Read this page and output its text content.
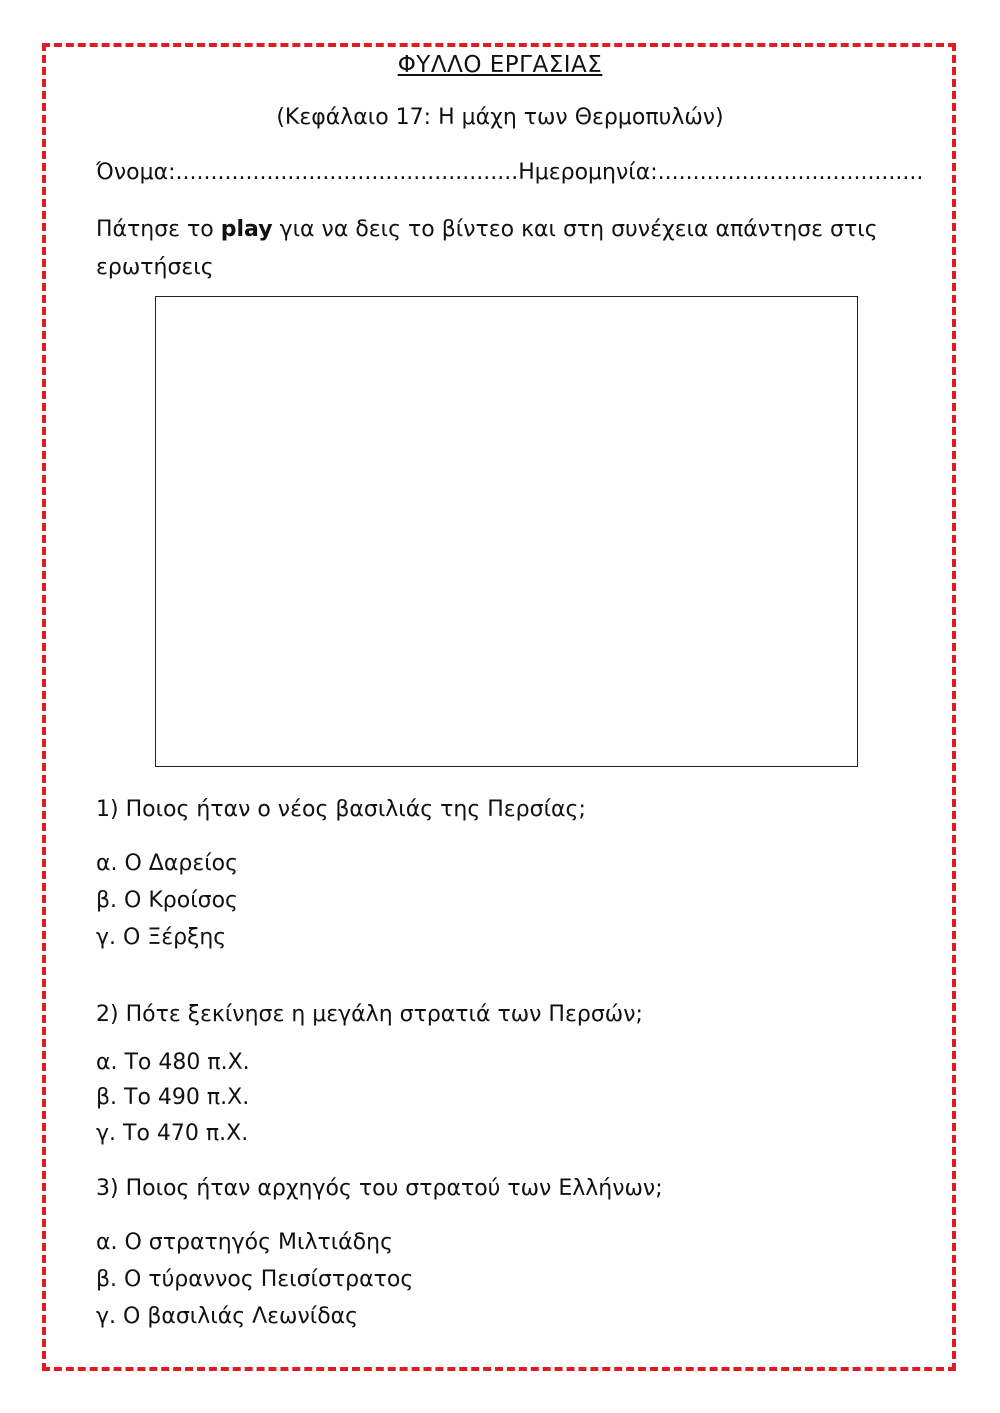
ΦΥΛΛΟ ΕΡΓΑΣΙΑΣ
(Κεφάλαιο 17: Η μάχη των Θερμοπυλών)
Όνομα:................................................. Ημερομηνία:......................................
Πάτησε το play για να δεις το βίντεο και στη συνέχεια απάντησε στις ερωτήσεις
1) Ποιος ήταν ο νέος βασιλιάς της Περσίας;
α. Ο Δαρείος
β. Ο Κροίσος
γ. Ο Ξέρξης
2) Πότε ξεκίνησε η μεγάλη στρατιά των Περσών;
α. Το 480 π.Χ.
β. Το 490 π.Χ.
γ. Το 470 π.Χ.
3) Ποιος ήταν αρχηγός του στρατού των Ελλήνων;
α. Ο στρατηγός Μιλτιάδης
β. Ο τύραννος Πεισίστρατος
γ. Ο βασιλιάς Λεωνίδας
